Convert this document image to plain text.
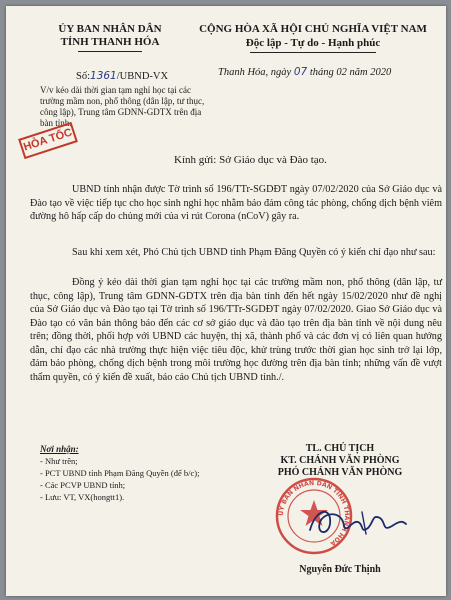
ỦY BAN NHÂN DÂN
TỈNH THANH HÓA
CỘNG HÒA XÃ HỘI CHỦ NGHĨA VIỆT NAM
Độc lập - Tự do - Hạnh phúc
Số:1361/UBND-VX	Thanh Hóa, ngày 07 tháng 02 năm 2020
V/v kéo dài thời gian tạm nghỉ học tại các trường mầm non, phổ thông (dân lập, tư thục, công lập), Trung tâm GDNN-GDTX trên địa bàn tỉnh.
HỎA TỐC
Kính gửi: Sở Giáo dục và Đào tạo.
UBND tỉnh nhận được Tờ trình số 196/TTr-SGDĐT ngày 07/02/2020 của Sở Giáo dục và Đào tạo về việc tiếp tục cho học sinh nghỉ học nhằm bảo đảm công tác phòng, chống dịch bệnh viêm đường hô hấp cấp do chủng mới của vi rút Corona (nCoV) gây ra.
Sau khi xem xét, Phó Chủ tịch UBND tỉnh Phạm Đăng Quyền có ý kiến chỉ đạo như sau:
Đồng ý kéo dài thời gian tạm nghỉ học tại các trường mầm non, phổ thông (dân lập, tư thục, công lập), Trung tâm GDNN-GDTX trên địa bàn tỉnh đến hết ngày 15/02/2020 như đề nghị của Sở Giáo dục và Đào tạo tại Tờ trình số 196/TTr-SGDĐT ngày 07/02/2020. Giao Sở Giáo dục và Đào tạo có văn bản thông báo đến các cơ sở giáo dục và đào tạo trên địa bàn tỉnh về nội dung nêu trên; đồng thời, phối hợp với UBND các huyện, thị xã, thành phố và các đơn vị có liên quan hướng dẫn, chỉ đạo các nhà trường thực hiện việc tiêu độc, khử trùng trước thời gian học sinh trở lại lớp, đảm bảo phòng, chống dịch bệnh trong môi trường học đường trên địa bàn tỉnh; những vấn đề vượt thẩm quyền, có ý kiến đề xuất, báo cáo Chủ tịch UBND tỉnh./.
Nơi nhận:
- Như trên;
- PCT UBND tỉnh Phạm Đăng Quyền (để b/c);
- Các PCVP UBND tỉnh;
- Lưu: VT, VX(hongtt1).
TL. CHỦ TỊCH
KT. CHÁNH VĂN PHÒNG
PHÓ CHÁNH VĂN PHÒNG
ỦY BAN NHÂN DÂN TỈNH THANH HÓA
Nguyễn Đức Thịnh
